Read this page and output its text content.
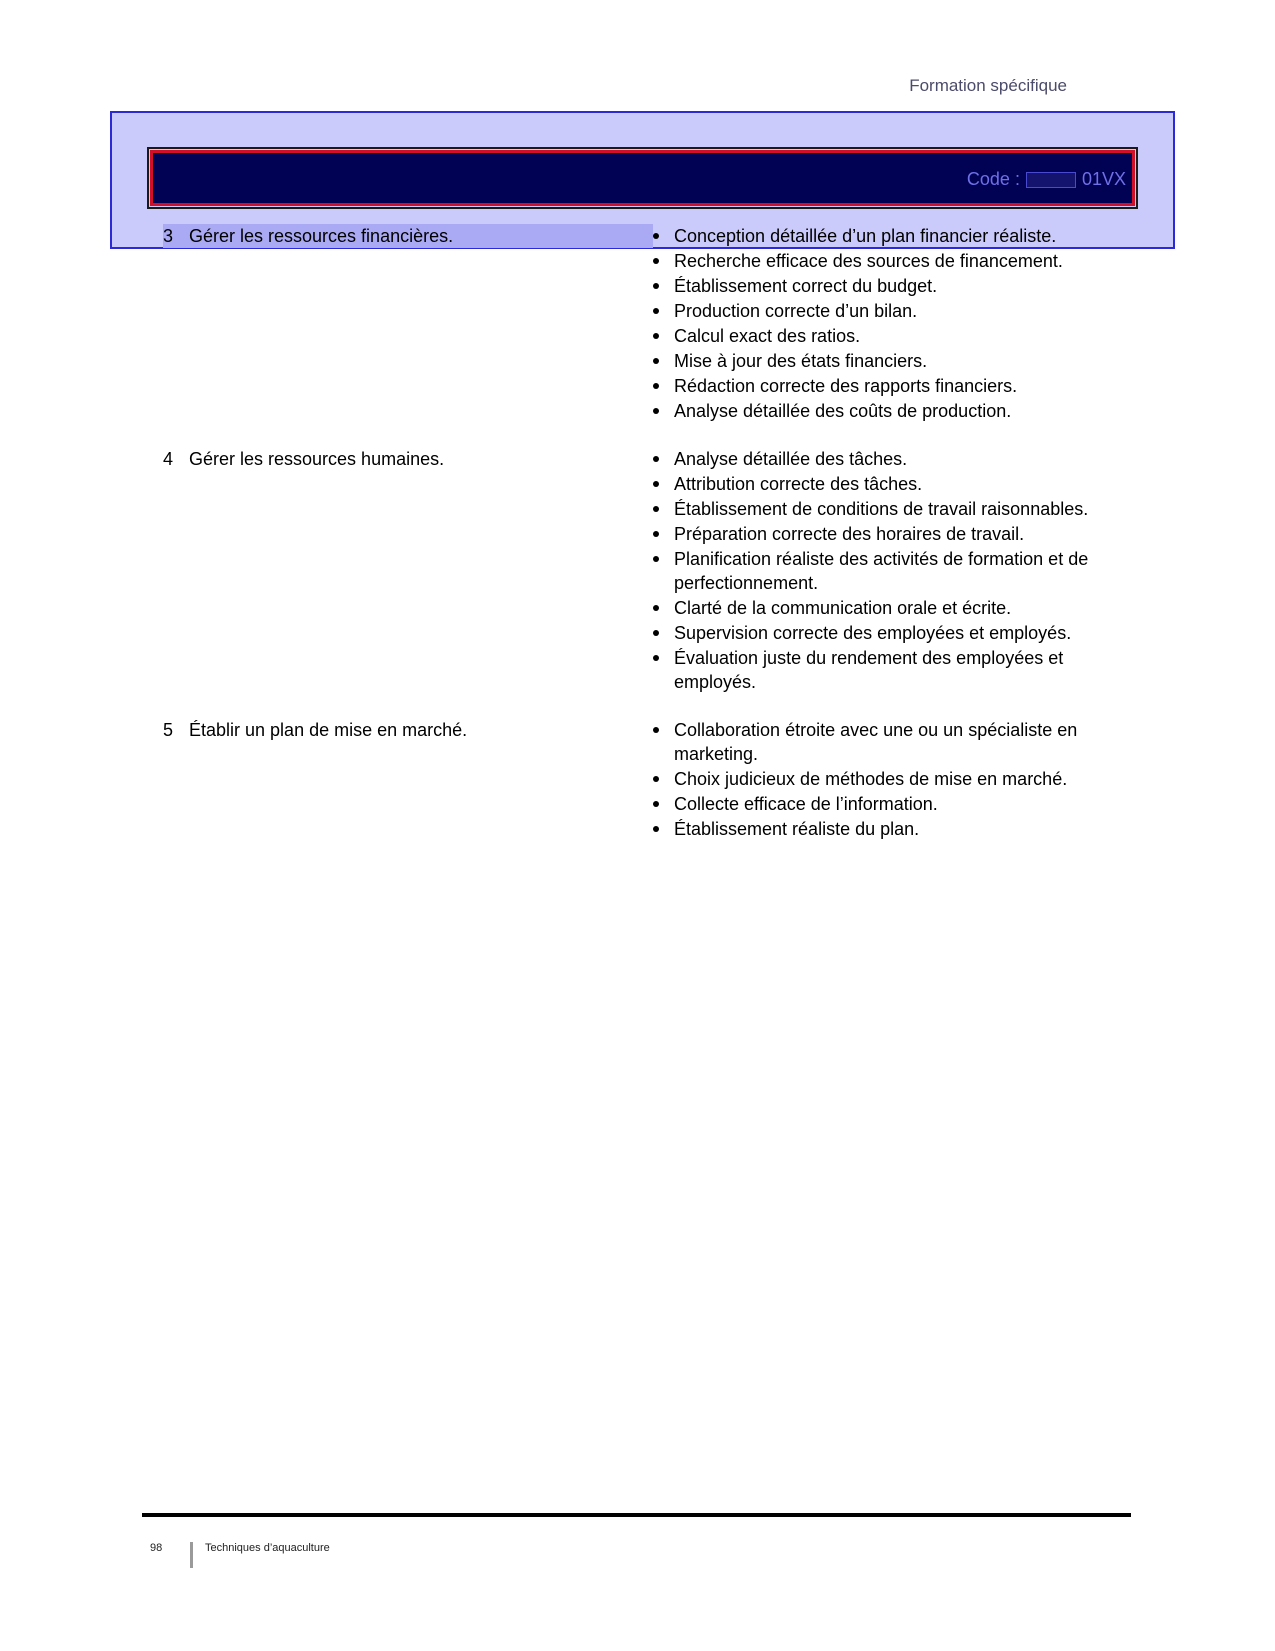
Formation spécifique
Code :	01VX
3 Gérer les ressources financières.	Conception détaillée d’un plan financier réaliste.
Recherche efficace des sources de financement.
Établissement correct du budget.
Production correcte d’un bilan.
Calcul exact des ratios.
Mise à jour des états financiers.
Rédaction correcte des rapports financiers.
Analyse détaillée des coûts de production.
4 Gérer les ressources humaines.	Analyse détaillée des tâches.
Attribution correcte des tâches.
Établissement de conditions de travail raisonnables.
Préparation correcte des horaires de travail.
Planification réaliste des activités de formation et de perfectionnement.
Clarté de la communication orale et écrite.
Supervision correcte des employées et employés.
Évaluation juste du rendement des employées et employés.
5 Établir un plan de mise en marché.	Collaboration étroite avec une ou un spécialiste en marketing.
Choix judicieux de méthodes de mise en marché.
Collecte efficace de l’information.
Établissement réaliste du plan.
98	Techniques d’aquaculture
